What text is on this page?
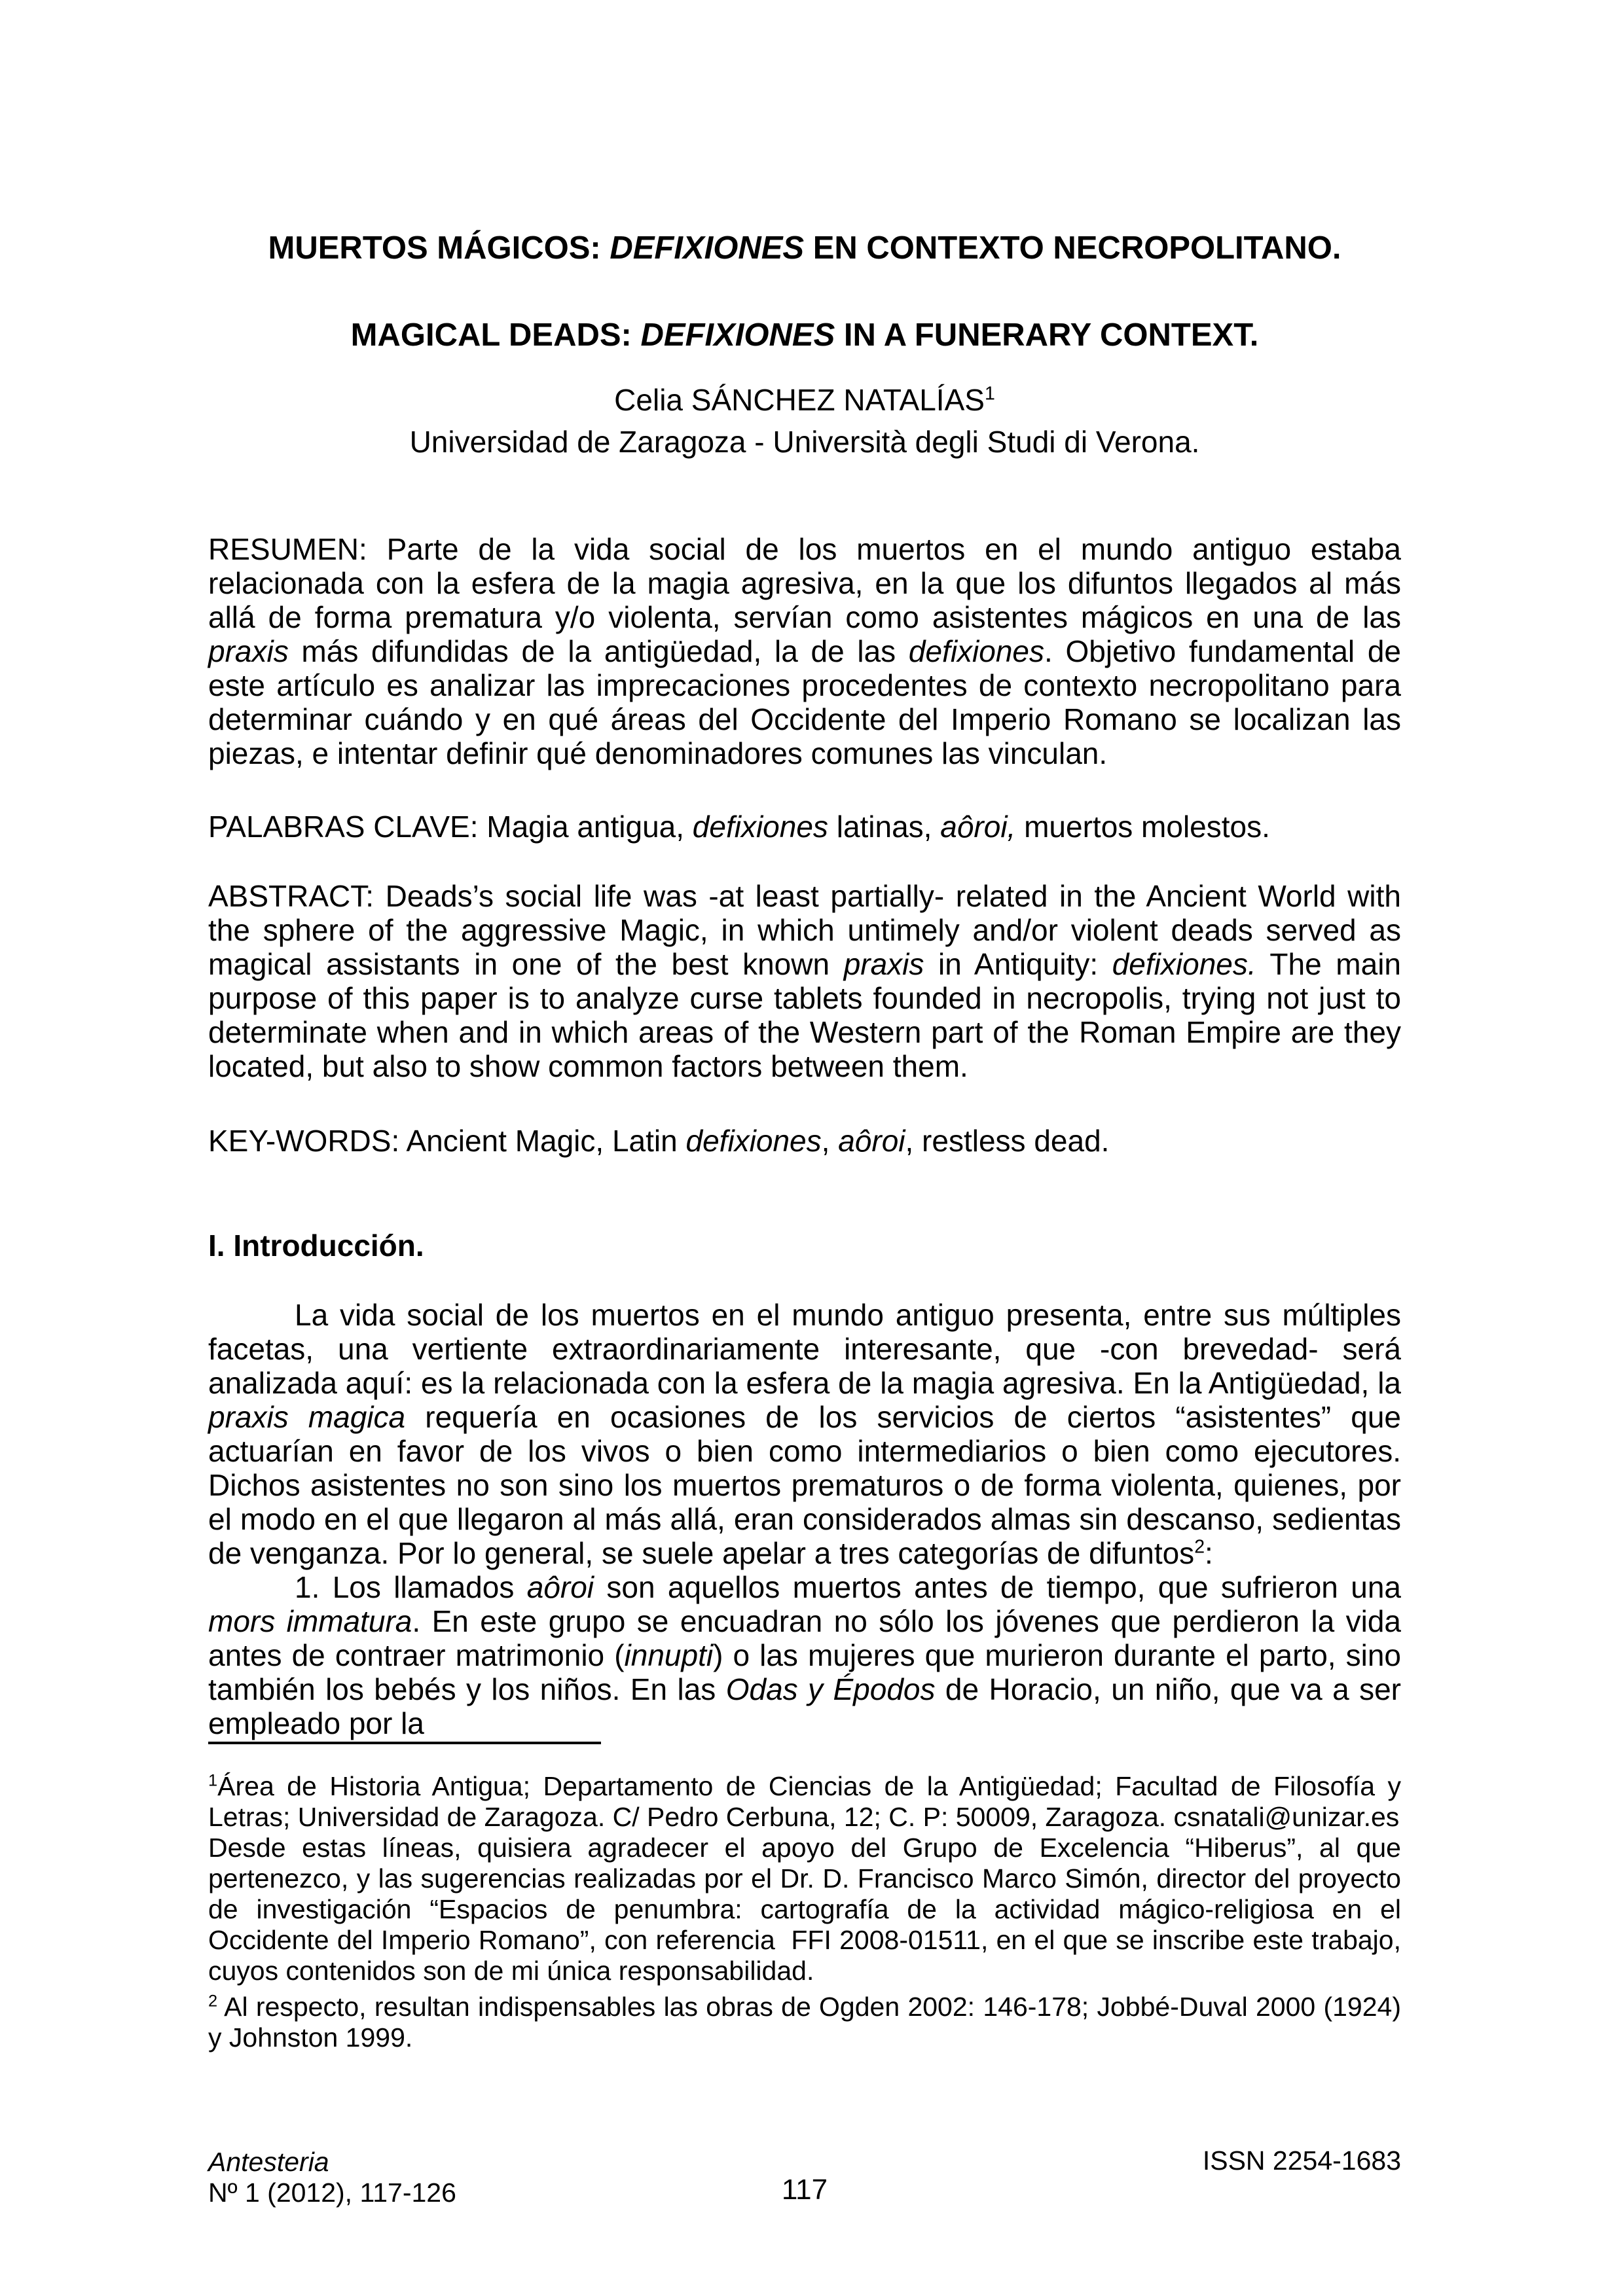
MUERTOS MÁGICOS: DEFIXIONES EN CONTEXTO NECROPOLITANO.
MAGICAL DEADS: DEFIXIONES IN A FUNERARY CONTEXT.
Celia SÁNCHEZ NATALÍAS$^1$
Universidad de Zaragoza - Università degli Studi di Verona.
RESUMEN: Parte de la vida social de los muertos en el mundo antiguo estaba relacionada con la esfera de la magia agresiva, en la que los difuntos llegados al más allá de forma prematura y/o violenta, servían como asistentes mágicos en una de las praxis más difundidas de la antigüedad, la de las defixiones. Objetivo fundamental de este artículo es analizar las imprecaciones procedentes de contexto necropolitano para determinar cuándo y en qué áreas del Occidente del Imperio Romano se localizan las piezas, e intentar definir qué denominadores comunes las vinculan.
PALABRAS CLAVE: Magia antigua, defixiones latinas, aôroi, muertos molestos.
ABSTRACT: Deads’s social life was -at least partially- related in the Ancient World with the sphere of the aggressive Magic, in which untimely and/or violent deads served as magical assistants in one of the best known praxis in Antiquity: defixiones. The main purpose of this paper is to analyze curse tablets founded in necropolis, trying not just to determinate when and in which areas of the Western part of the Roman Empire are they located, but also to show common factors between them.
KEY-WORDS: Ancient Magic, Latin defixiones, aôroi, restless dead.
I. Introducción.

La vida social de los muertos en el mundo antiguo presenta, entre sus múltiples facetas, una vertiente extraordinariamente interesante, que -con brevedad- será analizada aquí: es la relacionada con la esfera de la magia agresiva. En la Antigüedad, la praxis magica requería en ocasiones de los servicios de ciertos “asistentes” que actuarían en favor de los vivos o bien como intermediarios o bien como ejecutores. Dichos asistentes no son sino los muertos prematuros o de forma violenta, quienes, por el modo en el que llegaron al más allá, eran considerados almas sin descanso, sedientas de venganza. Por lo general, se suele apelar a tres categorías de difuntos$^2$:

1. Los llamados aôroi son aquellos muertos antes de tiempo, que sufrieron una mors immatura. En este grupo se encuadran no sólo los jóvenes que perdieron la vida antes de contraer matrimonio (innupti) o las mujeres que murieron durante el parto, sino también los bebés y los niños. En las Odas y Épodos de Horacio, un niño, que va a ser empleado por la

$^1$Área de Historia Antigua; Departamento de Ciencias de la Antigüedad; Facultad de Filosofía y Letras; Universidad de Zaragoza. C/ Pedro Cerbuna, 12; C. P: 50009, Zaragoza. csnatali@unizar.es

Desde estas líneas, quisiera agradecer el apoyo del Grupo de Excelencia “Hiberus”, al que pertenezco, y las sugerencias realizadas por el Dr. D. Francisco Marco Simón, director del proyecto de investigación “Espacios de penumbra: cartografía de la actividad mágico-religiosa en el Occidente del Imperio Romano”, con referencia  FFI 2008-01511, en el que se inscribe este trabajo, cuyos contenidos son de mi única responsabilidad.

$^2$ Al respecto, resultan indispensables las obras de Ogden 2002: 146-178; Jobbé-Duval 2000 (1924) y Johnston 1999.

Antesteria
Nº 1 (2012), 117-126	117
ISSN 2254-1683
